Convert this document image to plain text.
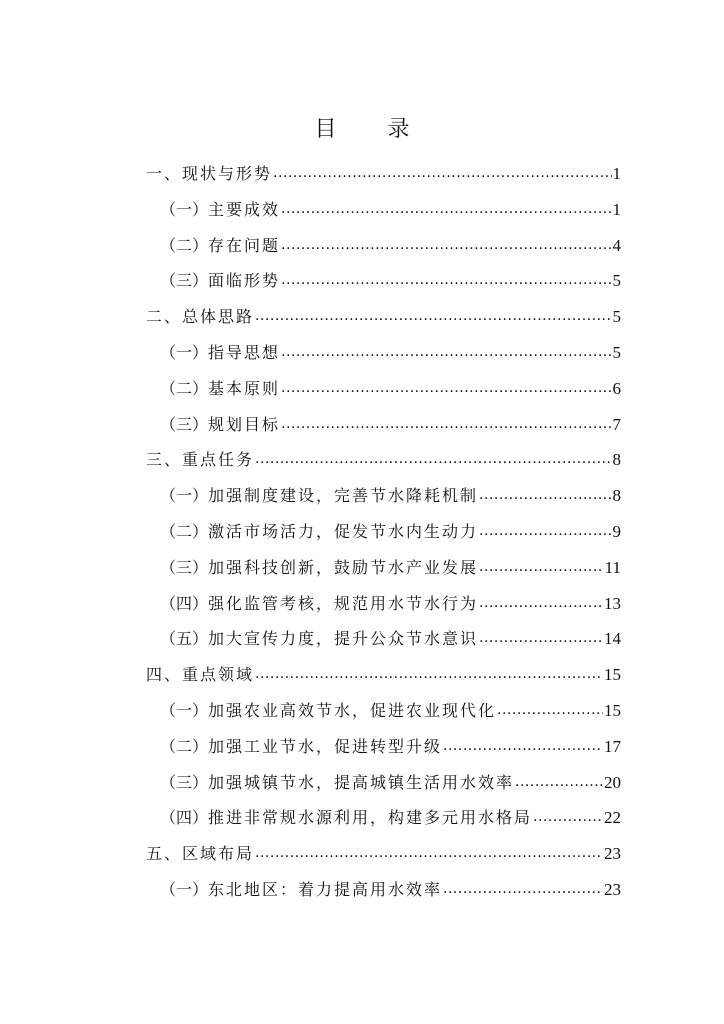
目 录
一、 现状与形势 .....	1
（一） 主要成效 .....	1
（二） 存在问题 .....	4
（三） 面临形势 .....	5
二、 总体思路 .....	5
（一） 指导思想 .....	5
（二） 基本原则 .....	6
（三） 规划目标 .....	7
三、 重点任务 .....	8
（一） 加强制度建设，完善节水降耗机制 .....	8
（二） 激活市场活力，促发节水内生动力 .....	9
（三） 加强科技创新，鼓励节水产业发展 .....	11
（四） 强化监管考核，规范用水节水行为 .....	13
（五） 加大宣传力度，提升公众节水意识 .....	14
四、 重点领域 .....	15
（一） 加强农业高效节水，促进农业现代化 .....	15
（二） 加强工业节水，促进转型升级 .....	17
（三） 加强城镇节水，提高城镇生活用水效率 .....	20
（四） 推进非常规水源利用，构建多元用水格局 .....	22
五、 区域布局 .....	23
（一） 东北地区：着力提高用水效率 .....	23
